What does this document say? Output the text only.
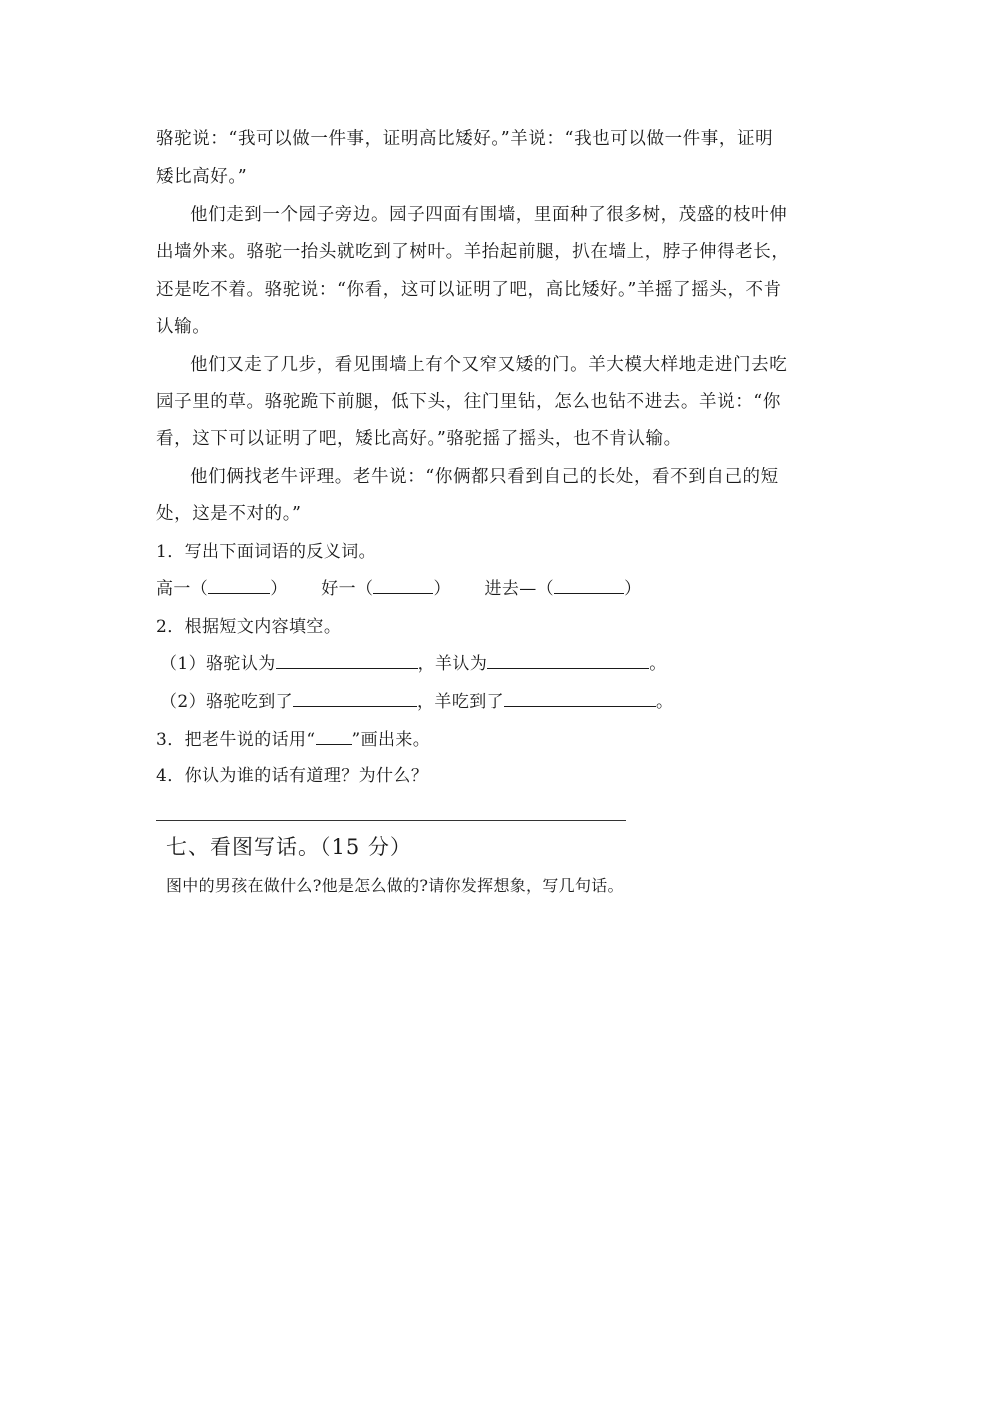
骆驼说：“我可以做一件事，证明高比矮好。”羊说：“我也可以做一件事，证明
矮比高好。”
他们走到一个园子旁边。园子四面有围墙，里面种了很多树，茂盛的枝叶伸
出墙外来。骆驼一抬头就吃到了树叶。羊抬起前腿，扒在墙上，脖子伸得老长，
还是吃不着。骆驼说：“你看，这可以证明了吧，高比矮好。”羊摇了摇头，不肯
认输。
他们又走了几步，看见围墙上有个又窄又矮的门。羊大模大样地走进门去吃
园子里的草。骆驼跪下前腿，低下头，往门里钻，怎么也钻不进去。羊说：“你
看，这下可以证明了吧，矮比高好。”骆驼摇了摇头，也不肯认输。
他们俩找老牛评理。老牛说：“你俩都只看到自己的长处，看不到自己的短
处，这是不对的。”
1．写出下面词语的反义词。
高一（	） 好一（	） 进去—（	）
2．根据短文内容填空。
（1）骆驼认为	，羊认为	。
（2）骆驼吃到了	，羊吃到了	。
3．把老牛说的话用“ ”画出来。
4．你认为谁的话有道理？为什么？
七、看图写话。（15 分）
图中的男孩在做什么?他是怎么做的?请你发挥想象，写几句话。
